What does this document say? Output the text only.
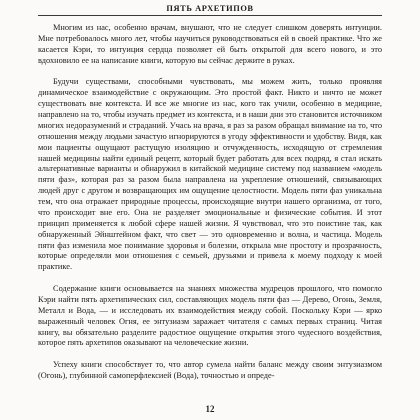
ПЯТЬ АРХЕТИПОВ

Многим из нас, особенно врачам, внушают, что не следует слишком доверять интуиции. Мне потребовалось много лет, чтобы научиться руководствоваться ей в своей практике. Что же касается Кэри, то интуиция сердца позволяет ей быть открытой для всего нового, и это вдохновило ее на написание книги, которую вы сейчас держите в руках.

Будучи существами, способными чувствовать, мы можем жить, только проявляя динамическое взаимодействие с окружающим. Это простой факт. Никто и ничто не может существовать вне контекста. И все же многие из нас, кого так учили, особенно в медицине, направлено на то, чтобы изучать предмет из контекста, и в наши дни это становится источником многих недоразумений и страданий. Учась на врача, я раз за разом обращал внимание на то, что отношения между людьми зачастую игнорируются в угоду эффективности и удобству. Видя, как мои пациенты ощущают растущую изоляцию и отчужденность, исходящую от стремления нашей медицины найти единый рецепт, который будет работать для всех подряд, я стал искать альтернативные варианты и обнаружил в китайской медицине систему под названием «модель пяти фаз», которая раз за разом была направлена на укрепление отношений, связывающих людей друг с другом и возвращающих им ощущение целостности. Модель пяти фаз уникальна тем, что она отражает природные процессы, происходящие внутри нашего организма, от того, что происходит вне его. Она не разделяет эмоциональные и физические события. И этот принцип применяется к любой сфере нашей жизни. Я чувствовал, что это поистине так, как обнаруженный Эйнштейном факт, что свет — это одновременно и волна, и частица. Модель пяти фаз изменила мое понимание здоровья и болезни, открыла мне простоту и прозрачность, которые определяли мои отношения с семьей, друзьями и привела к моему подходу к моей практике.

Содержание книги основывается на знаниях множества мудрецов прошлого, что помогло Кэри найти пять архетипических сил, составляющих модель пяти фаз — Дерево, Огонь, Земля, Металл и Вода, — и исследовать их взаимодействия между собой. Поскольку Кэри — ярко выраженный человек Огня, ее энтузиазм заражает читателя с самых первых страниц. Читая книгу, вы обязательно разделите радостное ощущение открытия этого чудесного воздействия, которое пять архетипов оказывают на человеческие жизни.

Успеху книги способствует то, что автор сумела найти баланс между своим энтузиазмом (Огонь), глубинной самоперфлексией (Вода), точностью и опреде-

12
